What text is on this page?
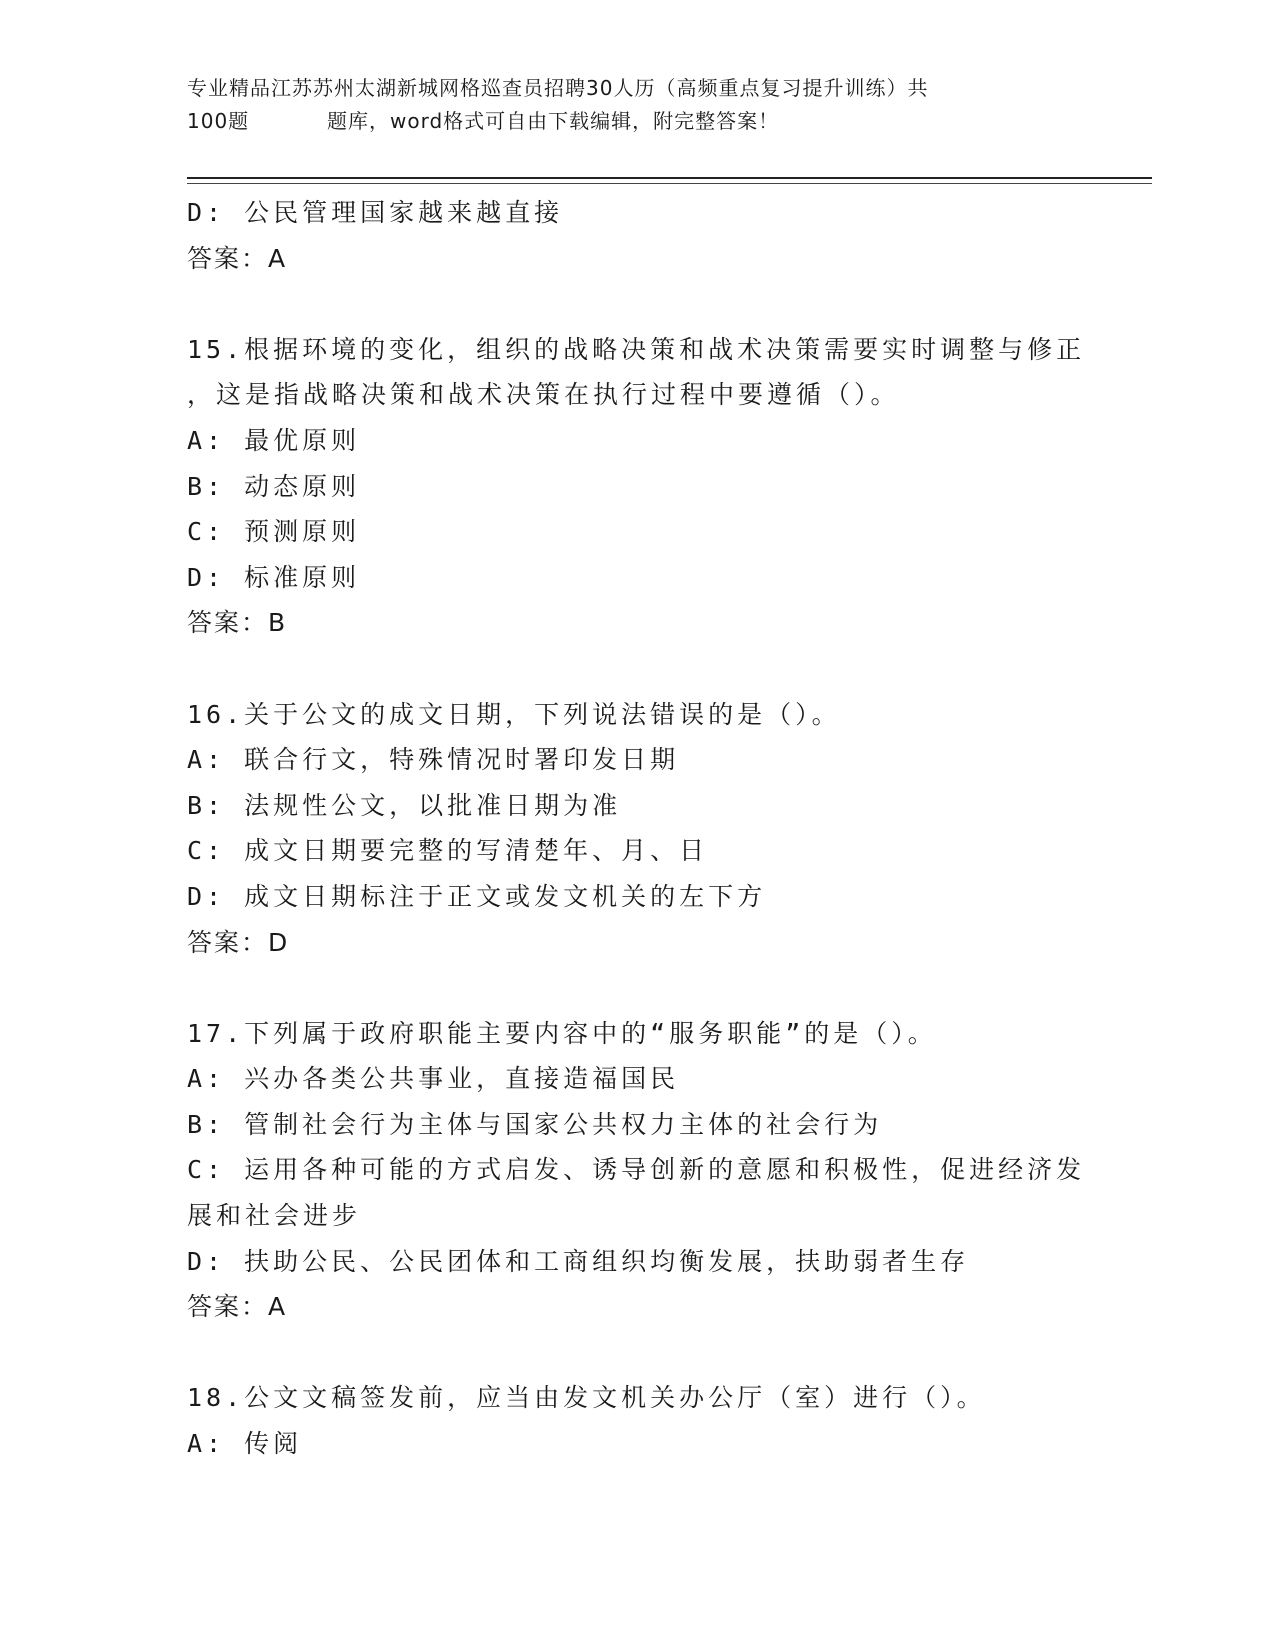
专业精品江苏苏州太湖新城网格巡查员招聘30人历（高频重点复习提升训练）共
100题	题库，word格式可自由下载编辑，附完整答案！
D: 公民管理国家越来越直接
答案：A
15.根据环境的变化，组织的战略决策和战术决策需要实时调整与修正
，这是指战略决策和战术决策在执行过程中要遵循（）。
A: 最优原则
B: 动态原则
C: 预测原则
D: 标准原则
答案：B
16.关于公文的成文日期，下列说法错误的是（）。
A: 联合行文，特殊情况时署印发日期
B: 法规性公文，以批准日期为准
C: 成文日期要完整的写清楚年、月、日
D: 成文日期标注于正文或发文机关的左下方
答案：D
17.下列属于政府职能主要内容中的“服务职能”的是（）。
A: 兴办各类公共事业，直接造福国民
B: 管制社会行为主体与国家公共权力主体的社会行为
C: 运用各种可能的方式启发、诱导创新的意愿和积极性，促进经济发
展和社会进步
D: 扶助公民、公民团体和工商组织均衡发展，扶助弱者生存
答案：A
18.公文文稿签发前，应当由发文机关办公厅（室）进行（）。
A: 传阅
